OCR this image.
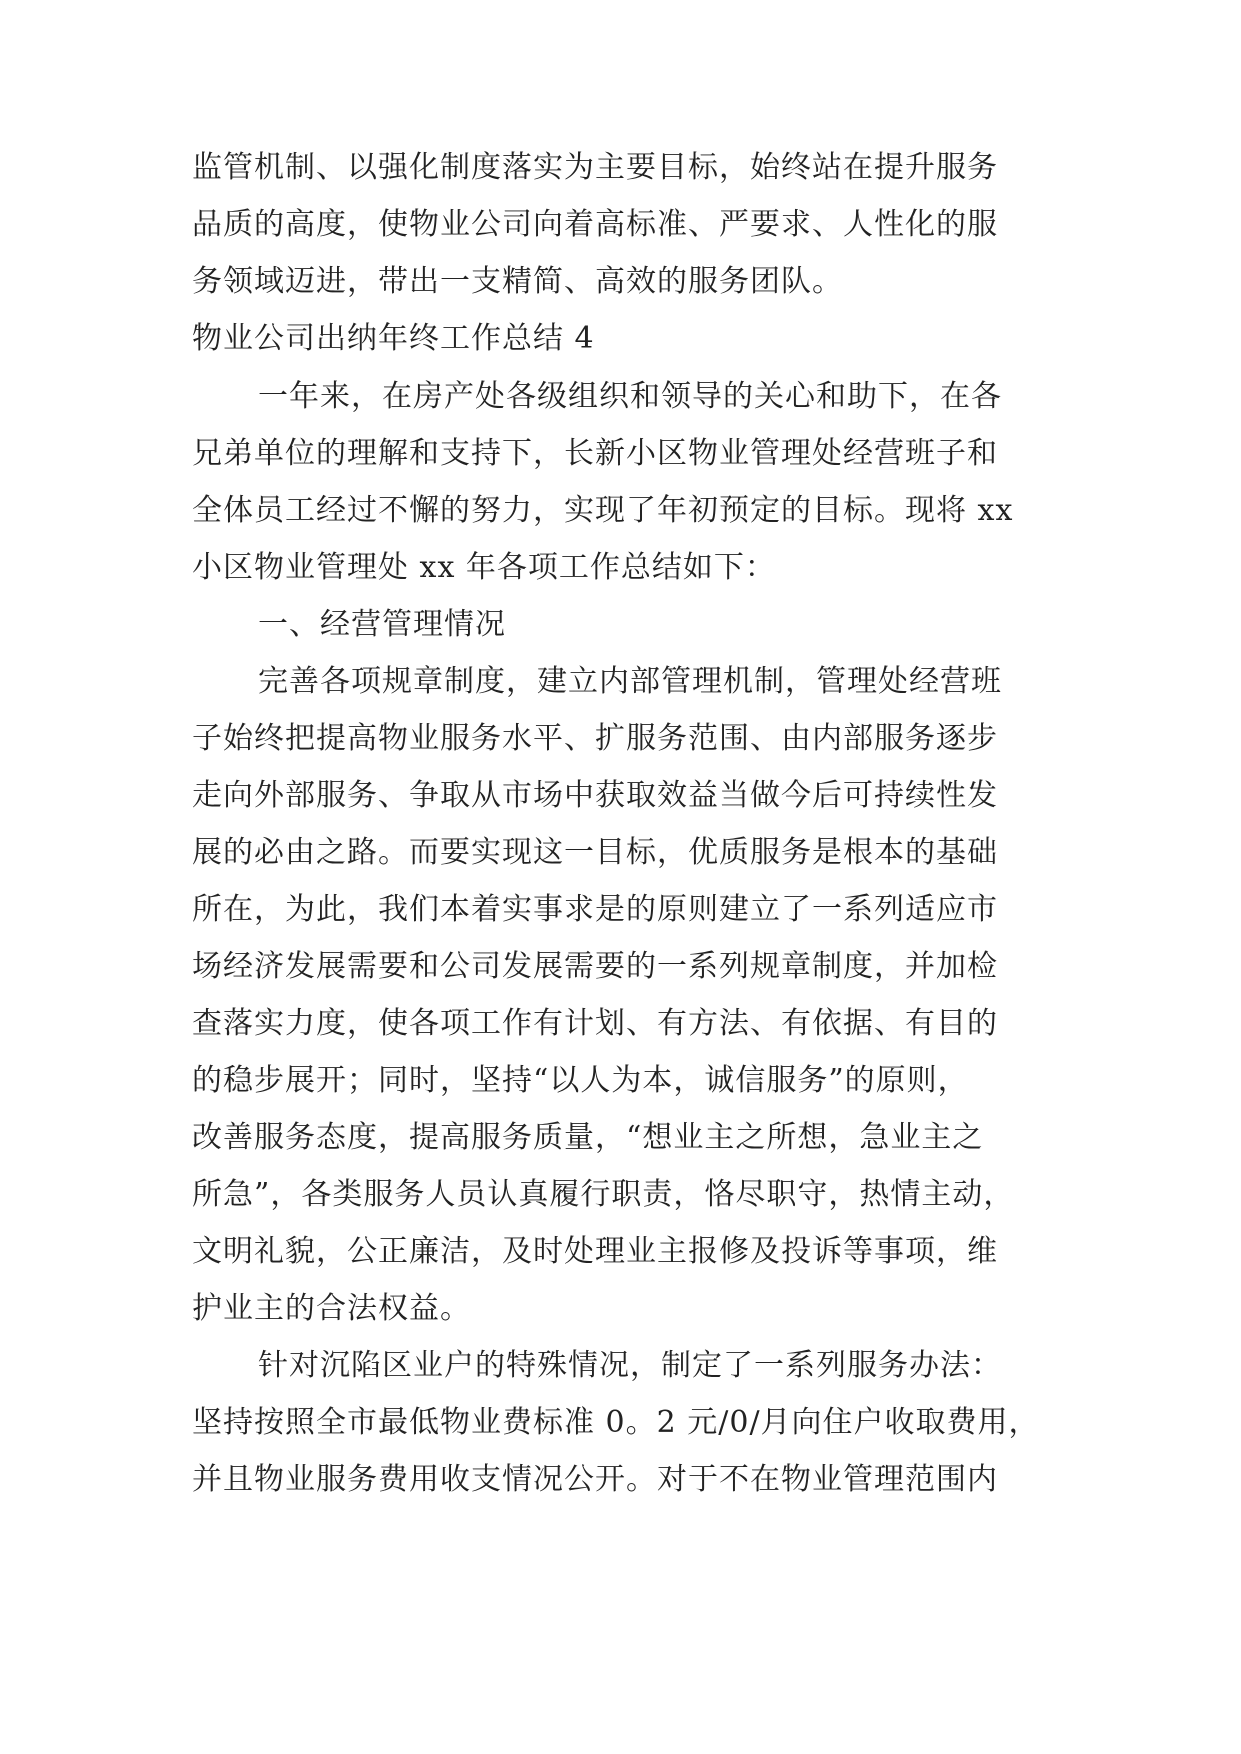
监管机制、以强化制度落实为主要目标，始终站在提升服务
品质的高度，使物业公司向着高标准、严要求、人性化的服
务领域迈进，带出一支精简、高效的服务团队。
物业公司出纳年终工作总结 4
一年来，在房产处各级组织和领导的关心和助下，在各
兄弟单位的理解和支持下，长新小区物业管理处经营班子和
全体员工经过不懈的努力，实现了年初预定的目标。现将 xx
小区物业管理处 xx 年各项工作总结如下：
一、经营管理情况
完善各项规章制度，建立内部管理机制，管理处经营班
子始终把提高物业服务水平、扩服务范围、由内部服务逐步
走向外部服务、争取从市场中获取效益当做今后可持续性发
展的必由之路。而要实现这一目标，优质服务是根本的基础
所在，为此，我们本着实事求是的原则建立了一系列适应市
场经济发展需要和公司发展需要的一系列规章制度，并加检
查落实力度，使各项工作有计划、有方法、有依据、有目的
的稳步展开；同时，坚持“以人为本，诚信服务”的原则，
改善服务态度，提高服务质量，“想业主之所想，急业主之
所急”，各类服务人员认真履行职责，恪尽职守，热情主动，
文明礼貌，公正廉洁，及时处理业主报修及投诉等事项，维
护业主的合法权益。
针对沉陷区业户的特殊情况，制定了一系列服务办法：
坚持按照全市最低物业费标准 0。2 元/0/月向住户收取费用，
并且物业服务费用收支情况公开。对于不在物业管理范围内
